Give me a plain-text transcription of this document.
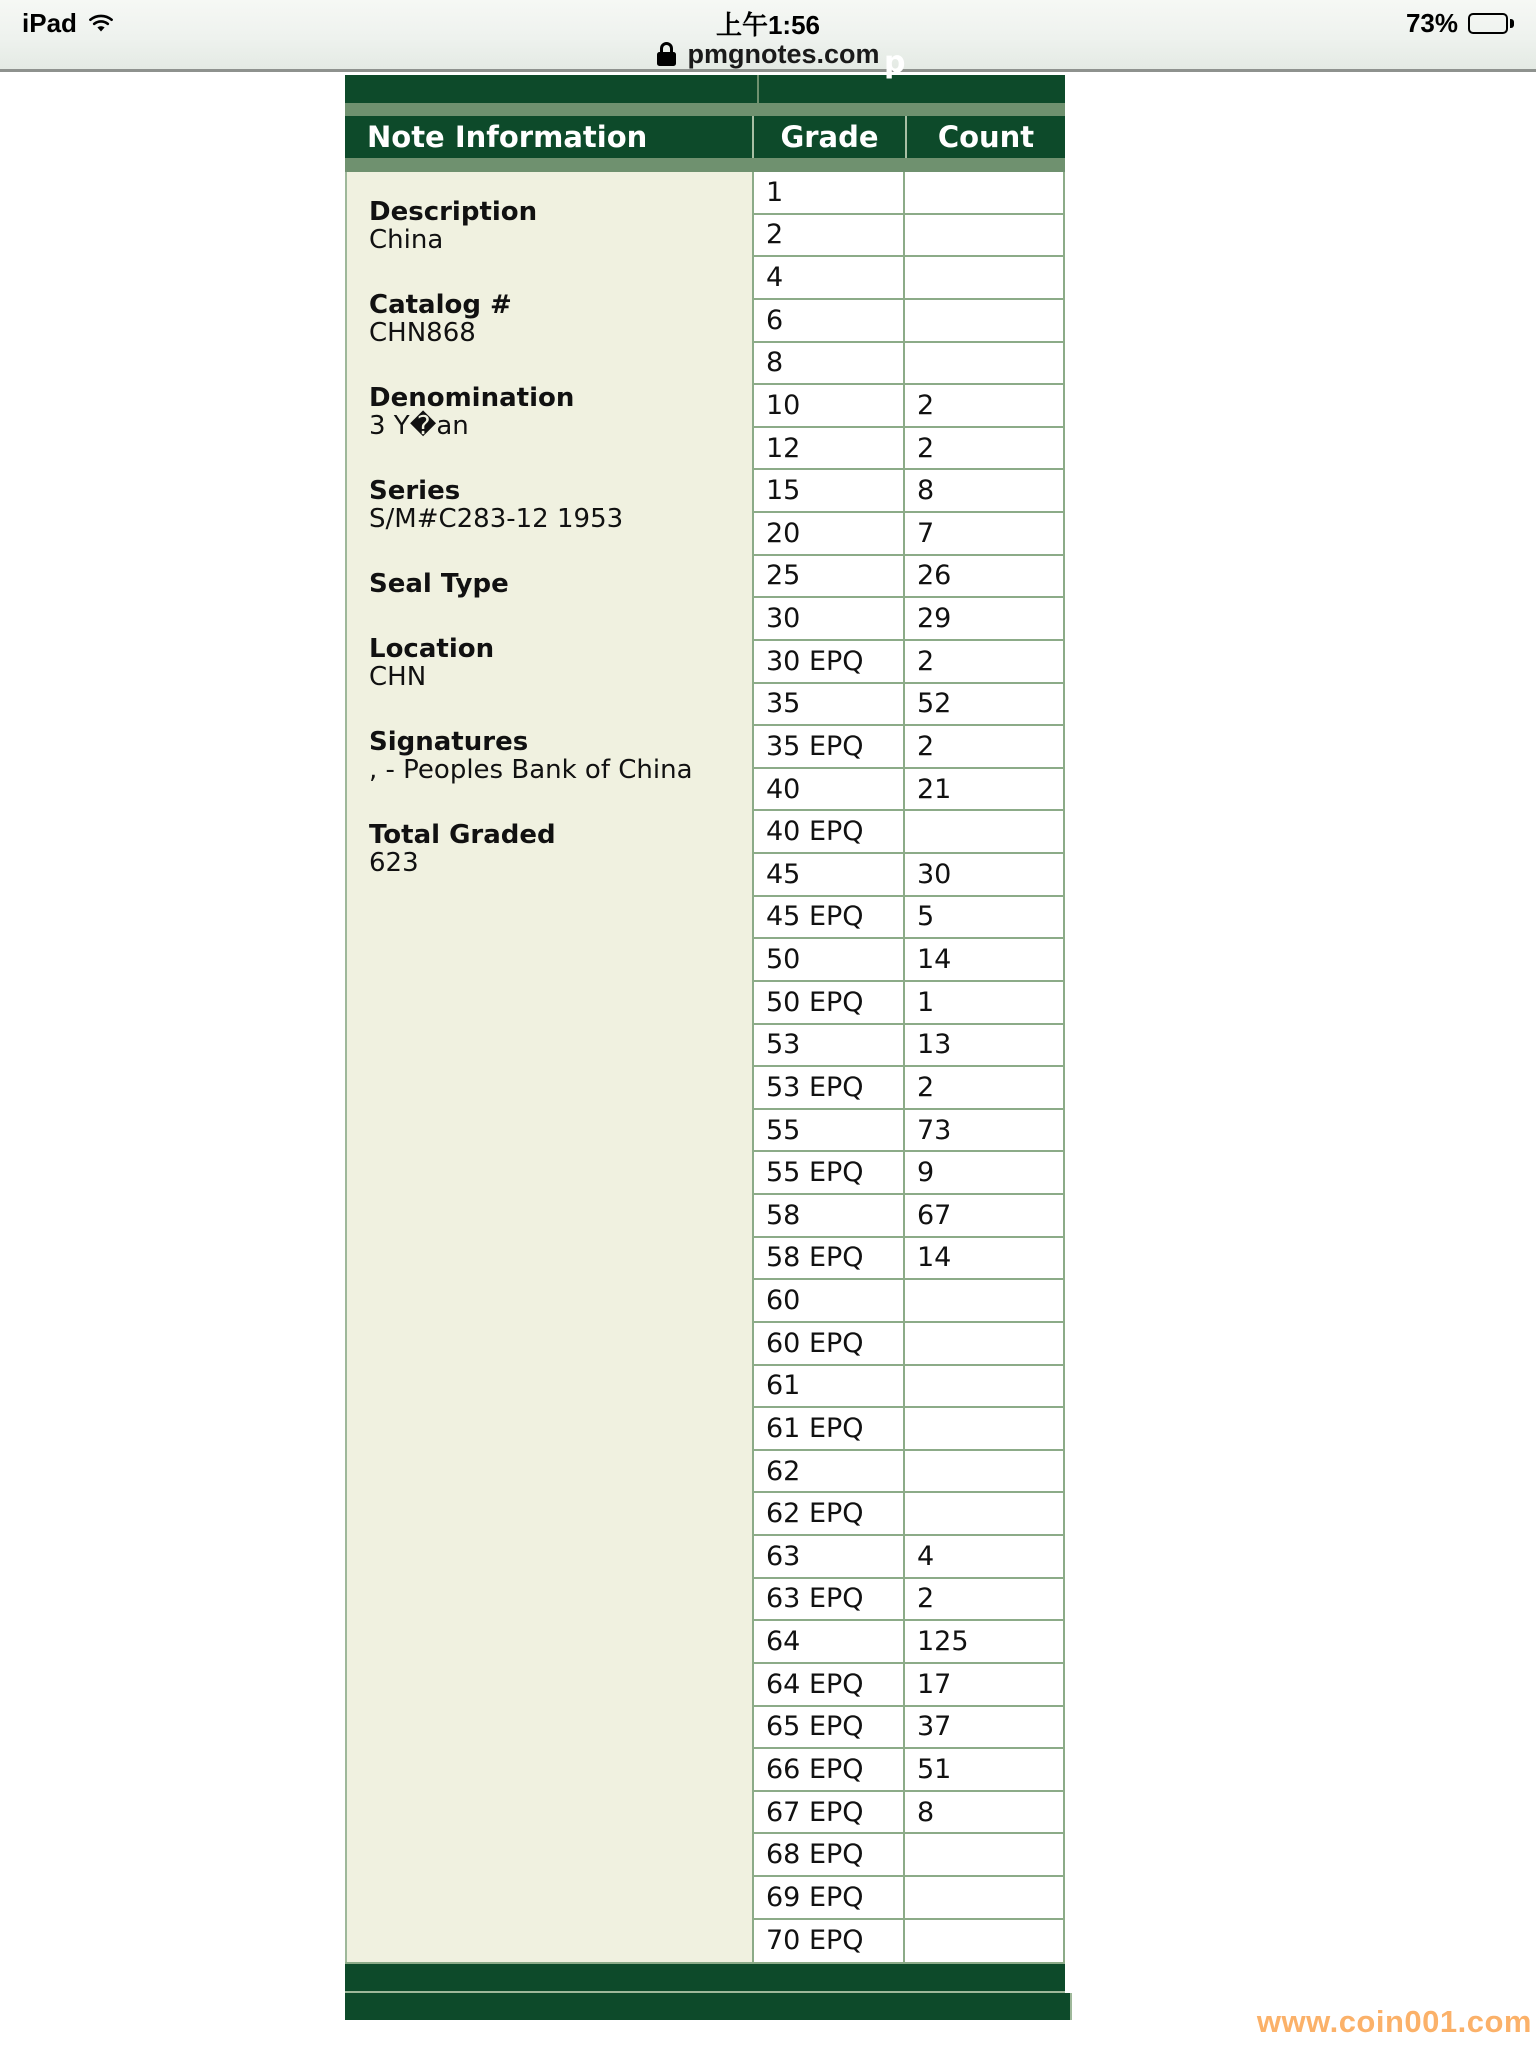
iPad	上午1:56	73%
pmgnotes.com p
Note Information	Grade	Count
Description
China
Catalog #
CHN868
Denomination
3 Y�an
Series
S/M#C283-12 1953
Seal Type
Location
CHN
Signatures
, - Peoples Bank of China
Total Graded
623
1
2
4
6
8
10	2
12	2
15	8
20	7
25	26
30	29
30 EPQ	2
35	52
35 EPQ	2
40	21
40 EPQ
45	30
45 EPQ	5
50	14
50 EPQ	1
53	13
53 EPQ	2
55	73
55 EPQ	9
58	67
58 EPQ	14
60
60 EPQ
61
61 EPQ
62
62 EPQ
63	4
63 EPQ	2
64	125
64 EPQ	17
65 EPQ	37
66 EPQ	51
67 EPQ	8
68 EPQ
69 EPQ
70 EPQ
www.coin001.com
